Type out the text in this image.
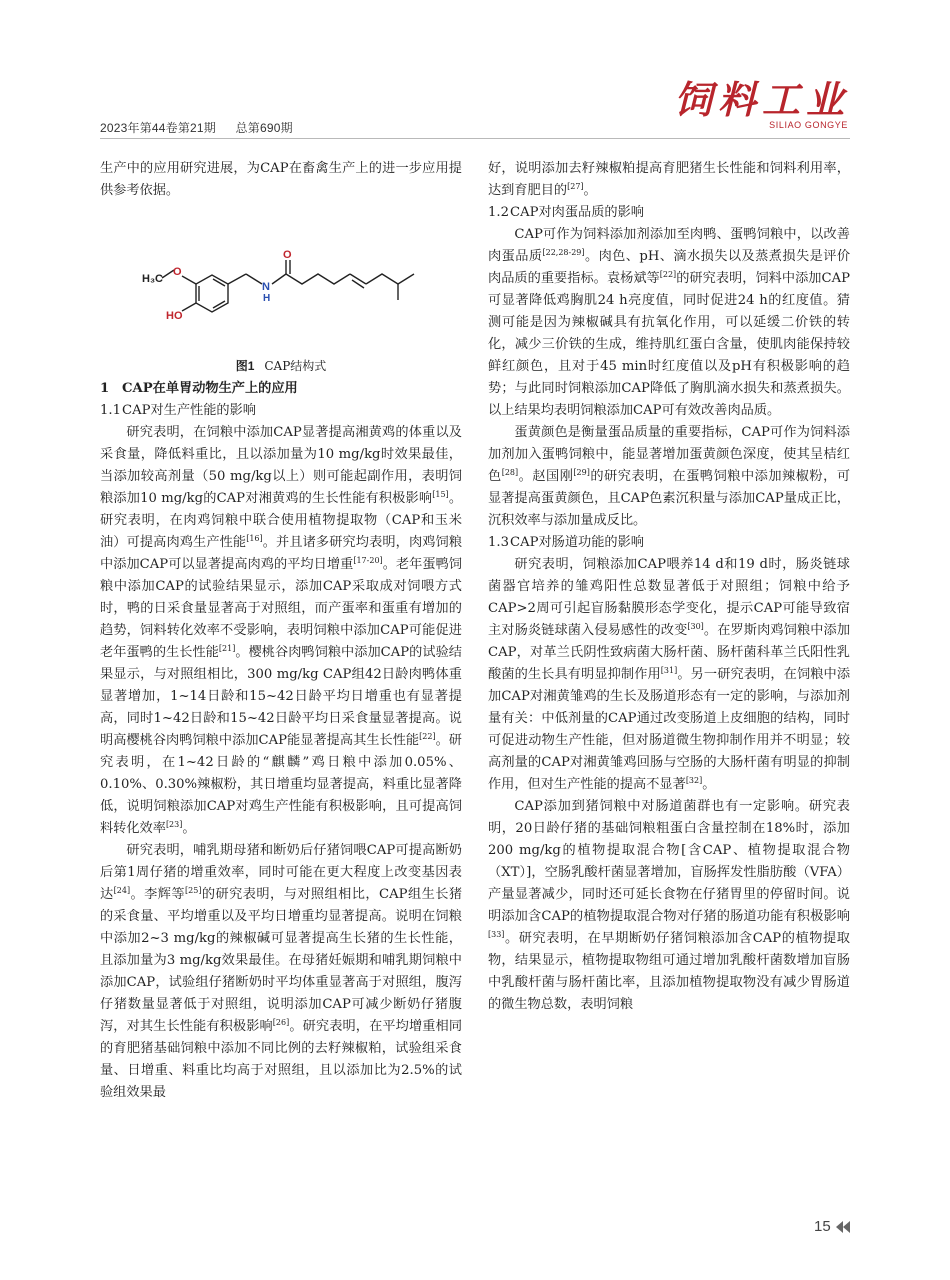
2023年第44卷第21期 总第690期
饲料工业
SILIAO GONGYE

生产中的应用研究进展，为CAP在畜禽生产上的进一步应用提供参考依据。

H₃C
O
HO
N
H
O
图1 CAP结构式
1 CAP在单胃动物生产上的应用
1.1CAP对生产性能的影响

研究表明，在饲粮中添加CAP显著提高湘黄鸡的体重以及采食量，降低料重比，且以添加量为10 mg/kg时效果最佳，当添加较高剂量（50 mg/kg以上）则可能起副作用，表明饲粮添加10 mg/kg的CAP对湘黄鸡的生长性能有积极影响[15]。研究表明，在肉鸡饲粮中联合使用植物提取物（CAP和玉米油）可提高肉鸡生产性能[16]。并且诸多研究均表明，肉鸡饲粮中添加CAP可以显著提高肉鸡的平均日增重[17-20]。老年蛋鸭饲粮中添加CAP的试验结果显示，添加CAP采取成对饲喂方式时，鸭的日采食量显著高于对照组，而产蛋率和蛋重有增加的趋势，饲料转化效率不受影响，表明饲粮中添加CAP可能促进老年蛋鸭的生长性能[21]。樱桃谷肉鸭饲粮中添加CAP的试验结果显示，与对照组相比，300 mg/kg CAP组42日龄肉鸭体重显著增加，1~14日龄和15~42日龄平均日增重也有显著提高，同时1~42日龄和15~42日龄平均日采食量显著提高。说明高樱桃谷肉鸭饲粮中添加CAP能显著提高其生长性能[22]。研究表明，在1~42日龄的“麒麟”鸡日粮中添加0.05%、0.10%、0.30%辣椒粉，其日增重均显著提高，料重比显著降低，说明饲粮添加CAP对鸡生产性能有积极影响，且可提高饲料转化效率[23]。

研究表明，哺乳期母猪和断奶后仔猪饲喂CAP可提高断奶后第1周仔猪的增重效率，同时可能在更大程度上改变基因表达[24]。李辉等[25]的研究表明，与对照组相比，CAP组生长猪的采食量、平均增重以及平均日增重均显著提高。说明在饲粮中添加2~3 mg/kg的辣椒碱可显著提高生长猪的生长性能，且添加量为3 mg/kg效果最佳。在母猪妊娠期和哺乳期饲粮中添加CAP，试验组仔猪断奶时平均体重显著高于对照组，腹泻仔猪数量显著低于对照组，说明添加CAP可减少断奶仔猪腹泻，对其生长性能有积极影响[26]。研究表明，在平均增重相同的育肥猪基础饲粮中添加不同比例的去籽辣椒粕，试验组采食量、日增重、料重比均高于对照组，且以添加比为2.5%的试验组效果最

好，说明添加去籽辣椒粕提高育肥猪生长性能和饲料利用率，达到育肥目的[27]。

1.2CAP对肉蛋品质的影响

CAP可作为饲料添加剂添加至肉鸭、蛋鸭饲粮中，以改善肉蛋品质[22,28-29]。肉色、pH、滴水损失以及蒸煮损失是评价肉品质的重要指标。袁杨斌等[22]的研究表明，饲料中添加CAP可显著降低鸡胸肌24 h亮度值，同时促进24 h的红度值。猜测可能是因为辣椒碱具有抗氧化作用，可以延缓二价铁的转化，减少三价铁的生成，维持肌红蛋白含量，使肌肉能保持较鲜红颜色，且对于45 min时红度值以及pH有积极影响的趋势；与此同时饲粮添加CAP降低了胸肌滴水损失和蒸煮损失。以上结果均表明饲粮添加CAP可有效改善肉品质。

蛋黄颜色是衡量蛋品质量的重要指标，CAP可作为饲料添加剂加入蛋鸭饲粮中，能显著增加蛋黄颜色深度，使其呈桔红色[28]。赵国刚[29]的研究表明，在蛋鸭饲粮中添加辣椒粉，可显著提高蛋黄颜色，且CAP色素沉积量与添加CAP量成正比，沉积效率与添加量成反比。

1.3CAP对肠道功能的影响

研究表明，饲粮添加CAP喂养14 d和19 d时，肠炎链球菌器官培养的雏鸡阳性总数显著低于对照组；饲粮中给予CAP>2周可引起盲肠黏膜形态学变化，提示CAP可能导致宿主对肠炎链球菌入侵易感性的改变[30]。在罗斯肉鸡饲粮中添加CAP，对革兰氏阴性致病菌大肠杆菌、肠杆菌科革兰氏阳性乳酸菌的生长具有明显抑制作用[31]。另一研究表明，在饲粮中添加CAP对湘黄雏鸡的生长及肠道形态有一定的影响，与添加剂量有关：中低剂量的CAP通过改变肠道上皮细胞的结构，同时可促进动物生产性能，但对肠道微生物抑制作用并不明显；较高剂量的CAP对湘黄雏鸡回肠与空肠的大肠杆菌有明显的抑制作用，但对生产性能的提高不显著[32]。

CAP添加到猪饲粮中对肠道菌群也有一定影响。研究表明，20日龄仔猪的基础饲粮粗蛋白含量控制在18%时，添加200 mg/kg的植物提取混合物[含CAP、植物提取混合物（XT）]，空肠乳酸杆菌显著增加，盲肠挥发性脂肪酸（VFA）产量显著减少，同时还可延长食物在仔猪胃里的停留时间。说明添加含CAP的植物提取混合物对仔猪的肠道功能有积极影响[33]。研究表明，在早期断奶仔猪饲粮添加含CAP的植物提取物，结果显示，植物提取物组可通过增加乳酸杆菌数增加盲肠中乳酸杆菌与肠杆菌比率，且添加植物提取物没有减少胃肠道的微生物总数，表明饲粮

15
